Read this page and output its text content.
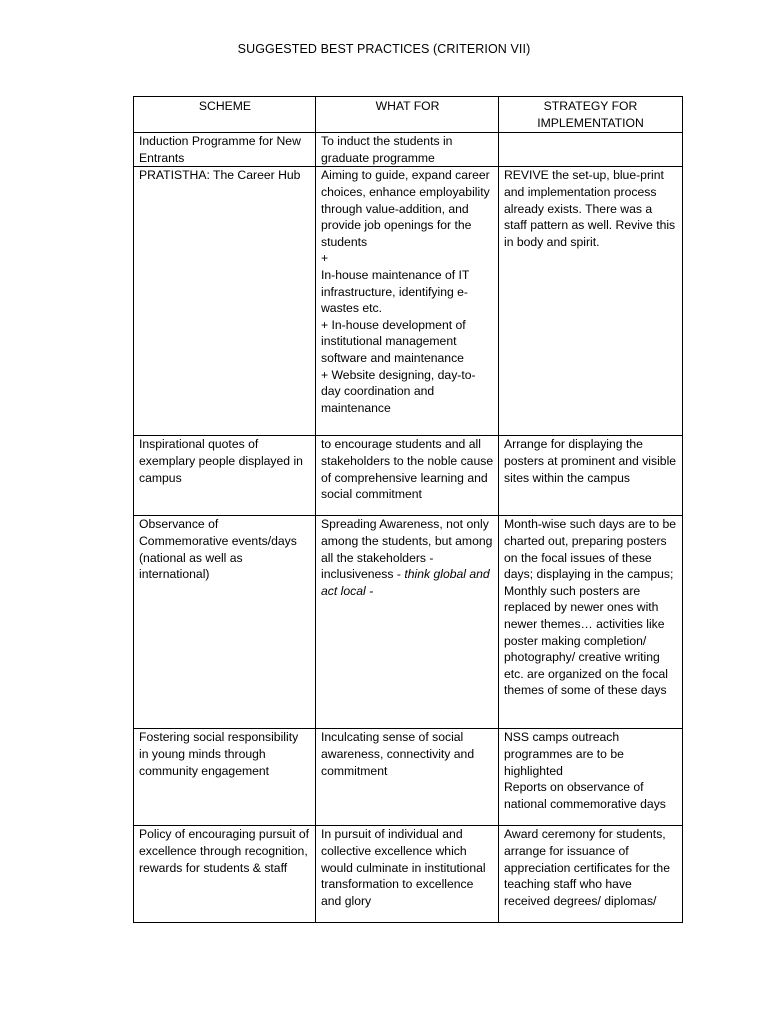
SUGGESTED BEST PRACTICES (CRITERION VII)
SCHEME	WHAT FOR	STRATEGY FOR IMPLEMENTATION
Induction Programme for New Entrants	To induct the students in graduate programme	
PRATISTHA: The Career Hub	Aiming to guide, expand career choices, enhance employability through value-addition, and provide job openings for the students
+
In-house maintenance of IT infrastructure, identifying e-wastes etc.
+ In-house development of institutional management software and maintenance
+ Website designing, day-to-day coordination and maintenance	REVIVE the set-up, blue-print and implementation process already exists. There was a staff pattern as well. Revive this in body and spirit.
Inspirational quotes of exemplary people displayed in campus	to encourage students and all stakeholders to the noble cause of comprehensive learning and social commitment	Arrange for displaying the posters at prominent and visible sites within the campus
Observance of Commemorative events/days (national as well as international)	Spreading Awareness, not only among the students, but among all the stakeholders - inclusiveness - think global and act local -	Month-wise such days are to be charted out, preparing posters on the focal issues of these days; displaying in the campus; Monthly such posters are replaced by newer ones with newer themes… activities like poster making completion/ photography/ creative writing etc. are organized on the focal themes of some of these days
Fostering social responsibility in young minds through community engagement	Inculcating sense of social awareness, connectivity and commitment	NSS camps outreach programmes are to be highlighted
Reports on observance of national commemorative days

Policy of encouraging pursuit of excellence through recognition, rewards for students & staff	In pursuit of individual and collective excellence which would culminate in institutional transformation to excellence and glory	Award ceremony for students, arrange for issuance of appreciation certificates for the teaching staff who have received degrees/ diplomas/
